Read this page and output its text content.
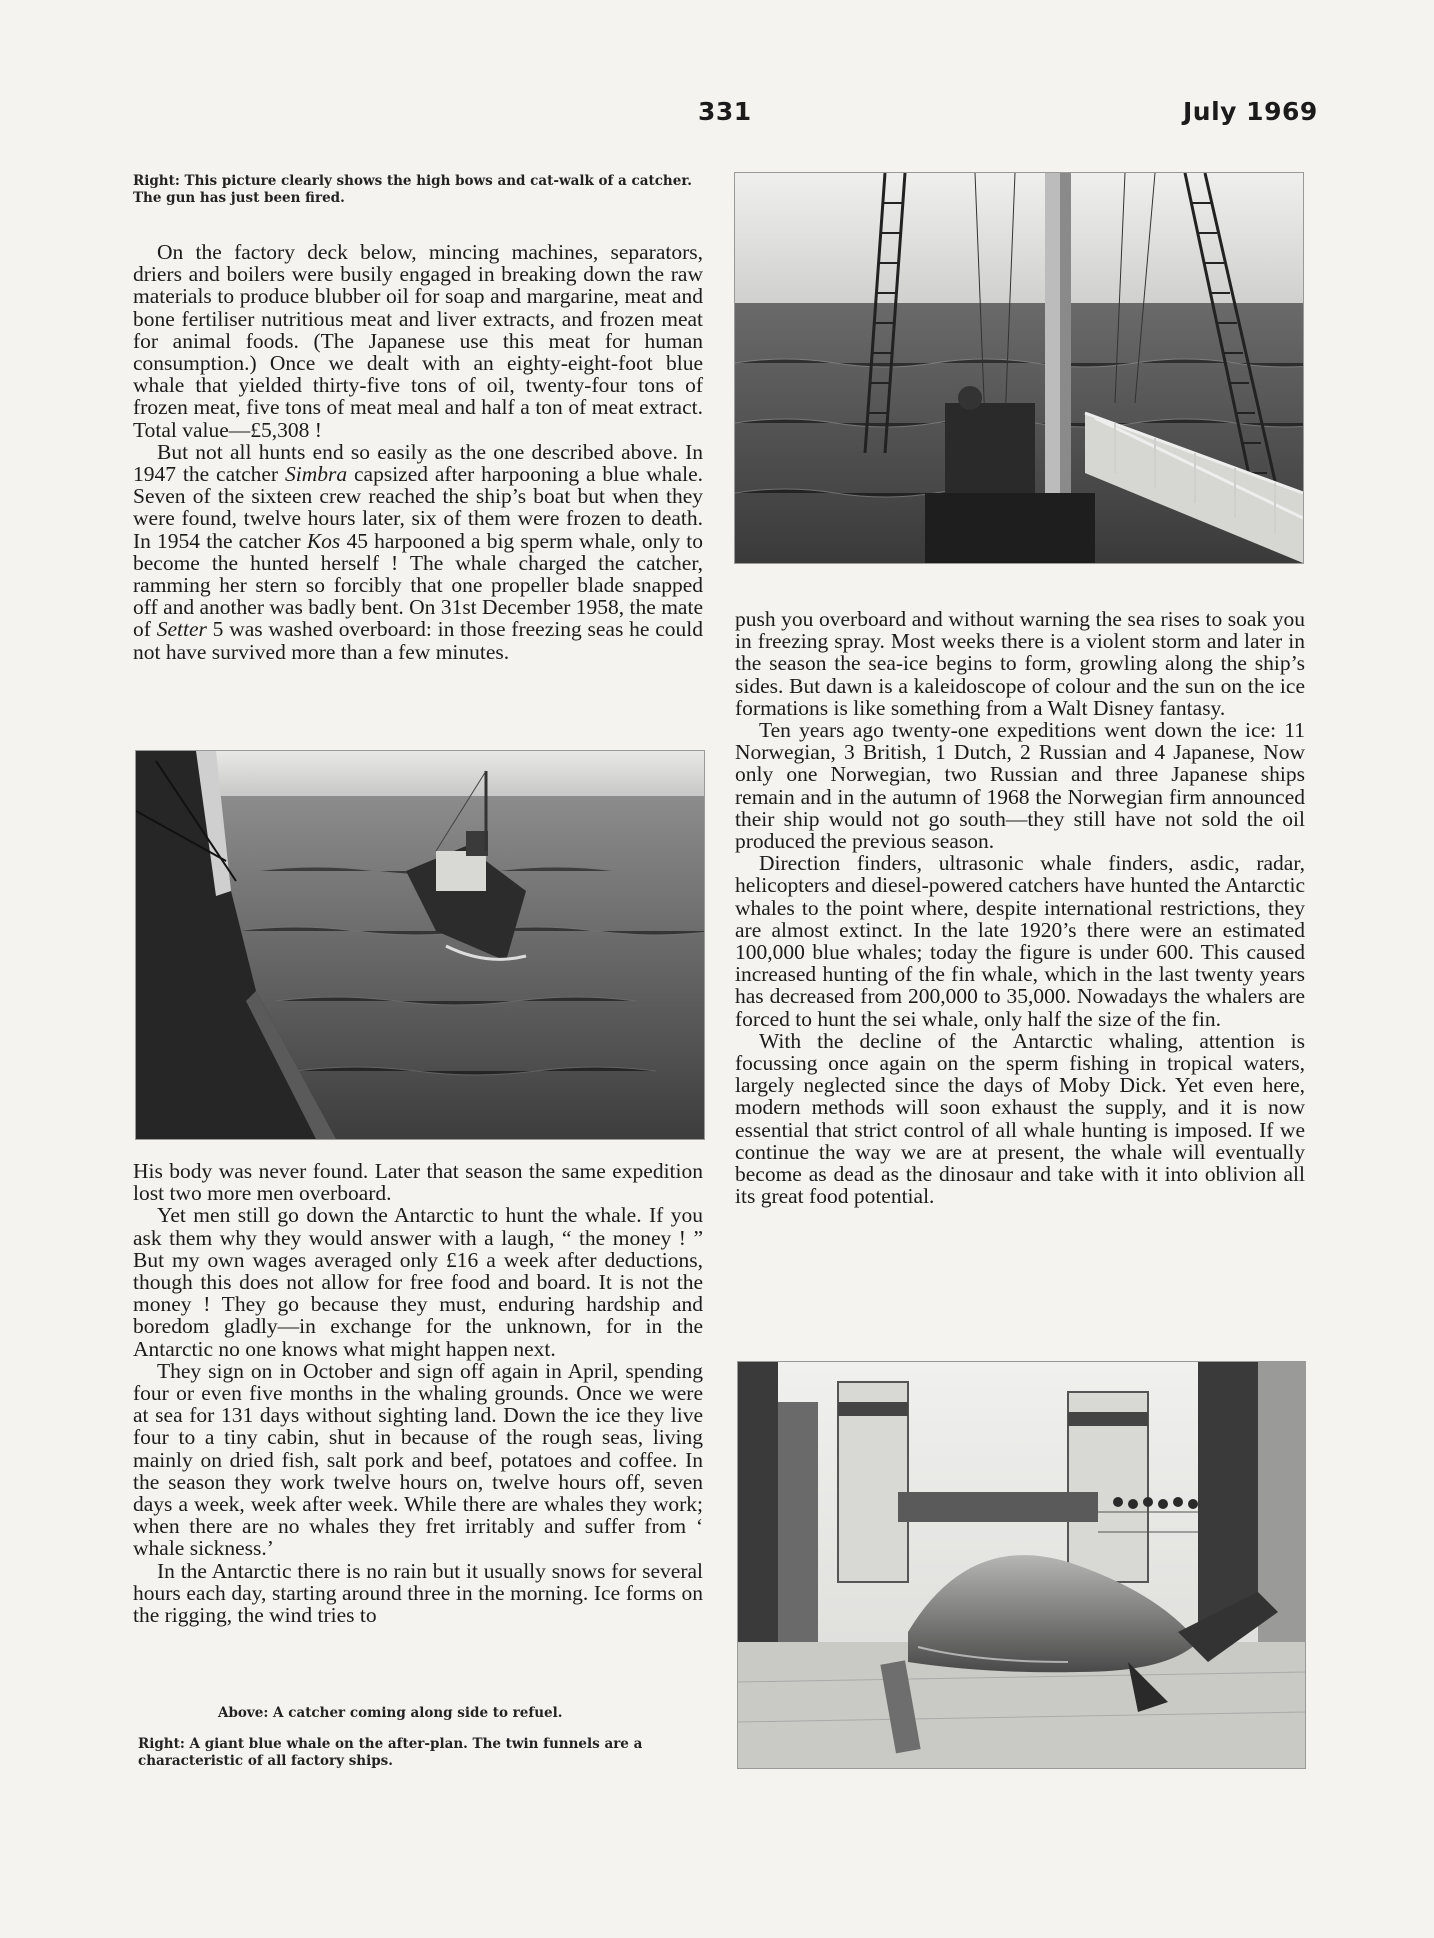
331	July 1969
Right: This picture clearly shows the high bows and cat-walk of a catcher. The gun has just been fired.

On the factory deck below, mincing machines, separators, driers and boilers were busily engaged in breaking down the raw materials to produce blubber oil for soap and margarine, meat and bone fertiliser nutritious meat and liver extracts, and frozen meat for animal foods. (The Japanese use this meat for human consumption.) Once we dealt with an eighty-eight-foot blue whale that yielded thirty-five tons of oil, twenty-four tons of frozen meat, five tons of meat meal and half a ton of meat extract. Total value—£5,308 !

But not all hunts end so easily as the one described above. In 1947 the catcher Simbra capsized after harpooning a blue whale. Seven of the sixteen crew reached the ship’s boat but when they were found, twelve hours later, six of them were frozen to death. In 1954 the catcher Kos 45 harpooned a big sperm whale, only to become the hunted herself ! The whale charged the catcher, ramming her stern so forcibly that one propeller blade snapped off and another was badly bent. On 31st December 1958, the mate of Setter 5 was washed overboard: in those freezing seas he could not have survived more than a few minutes.

His body was never found. Later that season the same expedition lost two more men overboard.

Yet men still go down the Antarctic to hunt the whale. If you ask them why they would answer with a laugh, “ the money ! ” But my own wages averaged only £16 a week after deductions, though this does not allow for free food and board. It is not the money ! They go because they must, enduring hardship and boredom gladly—in exchange for the unknown, for in the Antarctic no one knows what might happen next.

They sign on in October and sign off again in April, spending four or even five months in the whaling grounds. Once we were at sea for 131 days without sighting land. Down the ice they live four to a tiny cabin, shut in because of the rough seas, living mainly on dried fish, salt pork and beef, potatoes and coffee. In the season they work twelve hours on, twelve hours off, seven days a week, week after week. While there are whales they work; when there are no whales they fret irritably and suffer from ‘ whale sickness.’

In the Antarctic there is no rain but it usually snows for several hours each day, starting around three in the morning. Ice forms on the rigging, the wind tries to

Above: A catcher coming along side to refuel.
Right: A giant blue whale on the after-plan. The twin funnels are a characteristic of all factory ships.

push you overboard and without warning the sea rises to soak you in freezing spray. Most weeks there is a violent storm and later in the season the sea-ice begins to form, growling along the ship’s sides. But dawn is a kaleidoscope of colour and the sun on the ice formations is like something from a Walt Disney fantasy.

Ten years ago twenty-one expeditions went down the ice: 11 Norwegian, 3 British, 1 Dutch, 2 Russian and 4 Japanese, Now only one Norwegian, two Russian and three Japanese ships remain and in the autumn of 1968 the Norwegian firm announced their ship would not go south—they still have not sold the oil produced the previous season.

Direction finders, ultrasonic whale finders, asdic, radar, helicopters and diesel-powered catchers have hunted the Antarctic whales to the point where, despite international restrictions, they are almost extinct. In the late 1920’s there were an estimated 100,000 blue whales; today the figure is under 600. This caused increased hunting of the fin whale, which in the last twenty years has decreased from 200,000 to 35,000. Nowadays the whalers are forced to hunt the sei whale, only half the size of the fin.

With the decline of the Antarctic whaling, attention is focussing once again on the sperm fishing in tropical waters, largely neglected since the days of Moby Dick. Yet even here, modern methods will soon exhaust the supply, and it is now essential that strict control of all whale hunting is imposed. If we continue the way we are at present, the whale will eventually become as dead as the dinosaur and take with it into oblivion all its great food potential.
